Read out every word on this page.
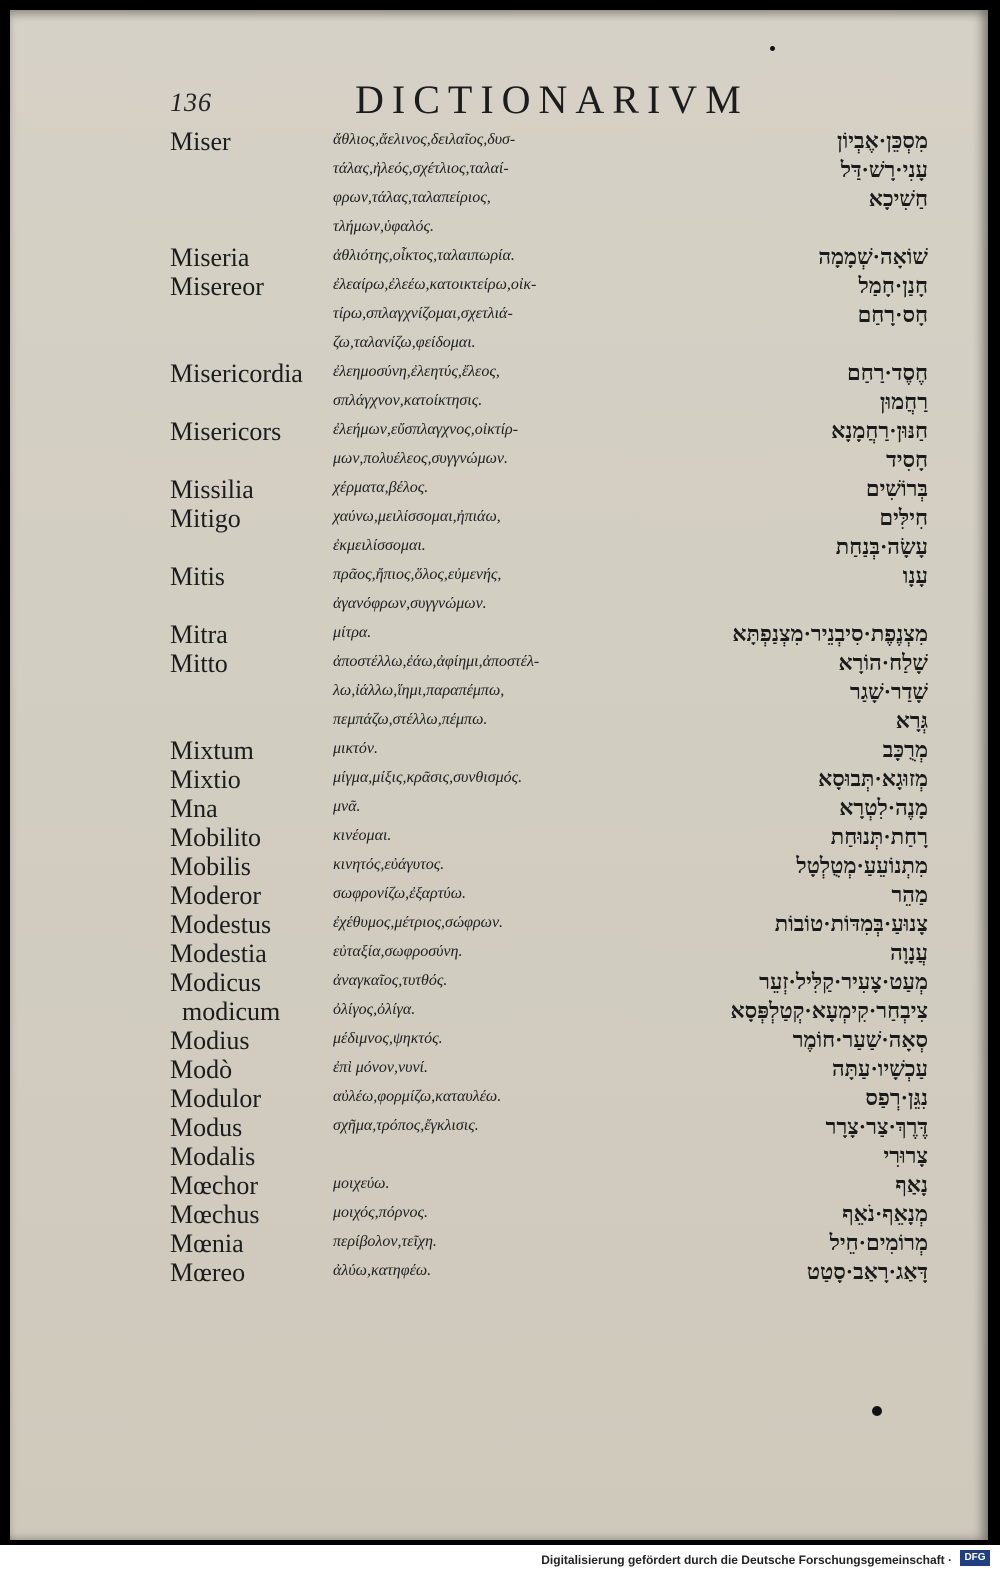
136	DICTIONARIVM
Miser	ἄθλιος,ἄελινος,δειλαῖος,δυσ-	מִסְכֵּן·אֶבְיוֹן
τάλας,ἠλεός,σχέτλιος,ταλαί-	עָנִי·רָשׁ·דַּל
φρων,τάλας,ταλαπείριος,	חַשִׁיכָא
τλήμων,ὑφαλός.
Miseria	ἀθλιότης,οἶκτος,ταλαιπωρία.	שׁוֹאָה·שְׁמָמָה
Misereor	ἐλεαίρω,ἐλεέω,κατοικτείρω,οἰκ-	חָנַן·חָמַל
τίρω,σπλαγχνίζομαι,σχετλιά-	חָס·רָחַם
ζω,ταλανίζω,φείδομαι.
Misericordia ἐλεημοσύνη,ἐλεητύς,ἔλεος,	חֶסֶד·רַחַם
σπλάγχνον,κατοίκτησις.	רַחֲמוּן
Misericors	ἐλεήμων,εὔσπλαγχνος,οἰκτίρ-	חַנּוּן·רַחֲמָנָא
μων,πολυέλεος,συγγνώμων.	חָסִיד
Missilia	χέρματα,βέλος.	בְּרוֹשִׁים
Mitigo	χαύνω,μειλίσσομαι,ἠπιάω,	חִילִּים
ἐκμειλίσσομαι.	עָשָׂה·בְּנַחַת
Mitis	πρᾶος,ἤπιος,ὅλος,εὐμενής,	עָנָו
ἀγανόφρων,συγγνώμων.
Mitra	μίτρα.	מִצְנֶפֶת·סִיבְנֵיר·מִצְנַפְתָּא
Mitto	ἀποστέλλω,ἐάω,ἀφίημι,ἀποστέλ-	שָׁלַח·הוֹרָא
λω,ἰάλλω,ἵημι,παραπέμπω,	שָׁדַר·שָׁגַר
πεμπάζω,στέλλω,πέμπω.	גְּרָא
Mixtum	μικτόν.	מְרֻכָּב
Mixtio	μίγμα,μίξις,κρᾶσις,συνθισμός.	מְזוּגָא·תְּבוּסָא
Mna	μνᾶ.	מָנֶה·לִטְרָא
Mobilito	κινέομαι.	רָחַת·תְּנוּחַת
Mobilis	κινητός,εὐάγυτος.	מִתְנוֹעֵעַ·מְטֻלְטָל
Moderor	σωφρονίζω,ἐξαρτύω.	מַהֵר
Modestus	ἐχέθυμος,μέτριος,σώφρων.	צָנוּעַ·בְּמִדּוֹת·טוֹבוֹת
Modestia	εὐταξία,σωφροσύνη.	עֲנָוָה
Modicus	ἀναγκαῖος,τυτθός.	מְעַט·צָעִיר·קַלִּיל·זְעֵר
modicum	ὀλίγος,ὀλίγα.	צִיבְחַר·קִימְעָא·קְטַלְפְּסָא
Modius	μέδιμνος,ψηκτός.	סְאָה·שַׁעַר·חוֹמֶר
Modò	ἐπὶ μόνον,νυνί.	עַכְשָׁיו·עַתָּה
Modulor	αὐλέω,φορμίζω,καταυλέω.	נִגֵּן·רְפַס
Modus	σχῆμα,τρόπος,ἔγκλισις.	דֶּרֶךְ·צַר·צָרָר
Modalis	צָרוּרִי
Mœchor	μοιχεύω.	נָאַף
Mœchus	μοιχός,πόρνος.	מְנָאֵף·נֹאֵף
Mœnia	περίβολον,τεῖχη.	מְרוֹמִים·חֵיל
Mœreo	ἀλύω,κατηφέω.	דָּאַג·רָאַב·סָטַט
Digitalisierung gefördert durch die Deutsche Forschungsgemeinschaft ·	DFG
